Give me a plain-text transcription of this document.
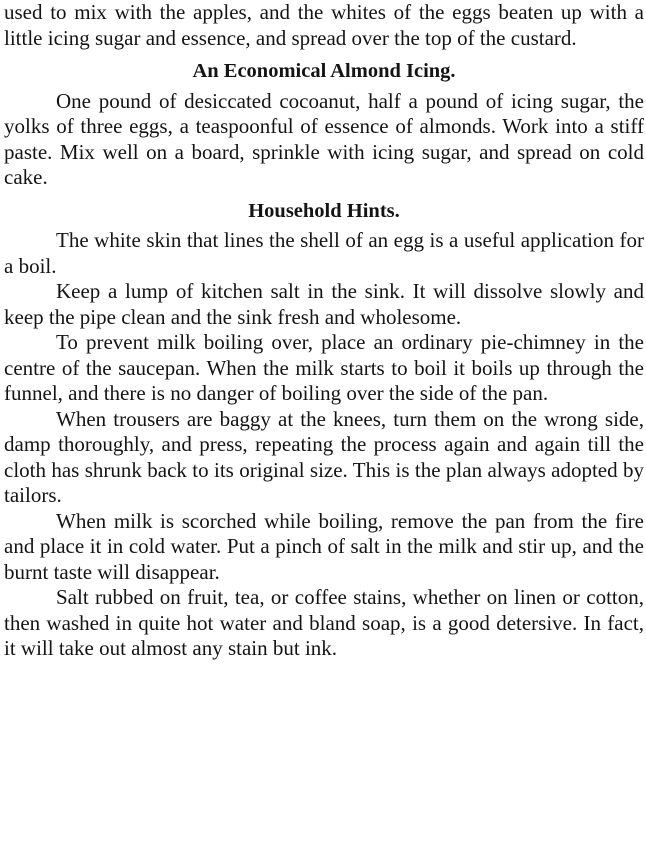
used to mix with the apples, and the whites of the eggs beaten up with a little icing sugar and essence, and spread over the top of the custard.

An Economical Almond Icing.

One pound of desiccated cocoanut, half a pound of icing sugar, the yolks of three eggs, a teaspoonful of essence of almonds. Work into a stiff paste. Mix well on a board, sprinkle with icing sugar, and spread on cold cake.

Household Hints.

The white skin that lines the shell of an egg is a useful application for a boil.

Keep a lump of kitchen salt in the sink. It will dissolve slowly and keep the pipe clean and the sink fresh and wholesome.

To prevent milk boiling over, place an ordinary pie-chimney in the centre of the saucepan. When the milk starts to boil it boils up through the funnel, and there is no danger of boiling over the side of the pan.

When trousers are baggy at the knees, turn them on the wrong side, damp thoroughly, and press, repeating the process again and again till the cloth has shrunk back to its original size. This is the plan always adopted by tailors.

When milk is scorched while boiling, remove the pan from the fire and place it in cold water. Put a pinch of salt in the milk and stir up, and the burnt taste will disappear.

Salt rubbed on fruit, tea, or coffee stains, whether on linen or cotton, then washed in quite hot water and bland soap, is a good detersive. In fact, it will take out almost any stain but ink.
